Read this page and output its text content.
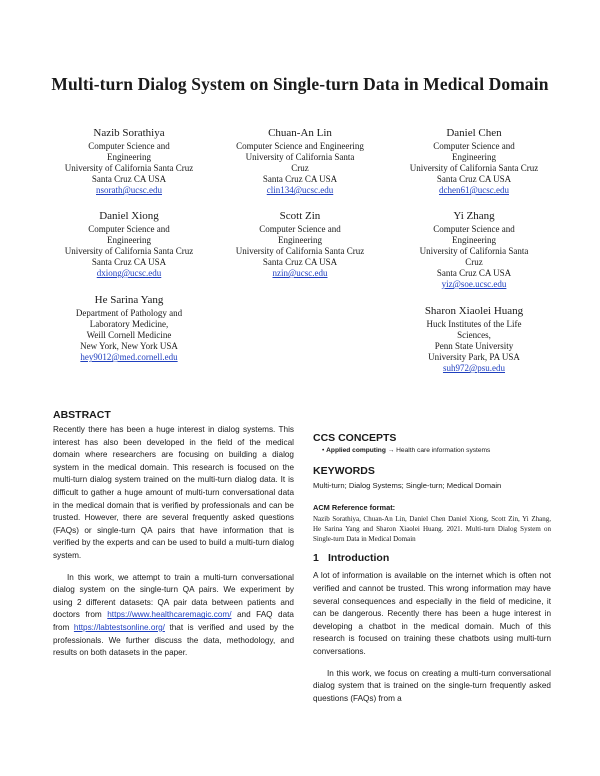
Multi-turn Dialog System on Single-turn Data in Medical Domain
Nazib Sorathiya
Computer Science and
Engineering
University of California Santa Cruz
Santa Cruz CA USA
nsorath@ucsc.edu
Chuan-An Lin
Computer Science and Engineering
University of California Santa
Cruz
Santa Cruz CA USA
clin134@ucsc.edu
Daniel Chen
Computer Science and
Engineering
University of California Santa Cruz
Santa Cruz CA USA
dchen61@ucsc.edu
Daniel Xiong
Computer Science and
Engineering
University of California Santa Cruz
Santa Cruz CA USA
dxiong@ucsc.edu
Scott Zin
Computer Science and
Engineering
University of California Santa Cruz
Santa Cruz CA USA
nzin@ucsc.edu
Yi Zhang
Computer Science and
Engineering
University of California Santa
Cruz
Santa Cruz CA USA
yiz@soe.ucsc.edu
He Sarina Yang
Department of Pathology and
Laboratory Medicine,
Weill Cornell Medicine
New York, New York USA
hey9012@med.cornell.edu
Sharon Xiaolei Huang
Huck Institutes of the Life
Sciences,
Penn State University
University Park, PA USA
suh972@psu.edu
ABSTRACT

Recently there has been a huge interest in dialog systems. This interest has also been developed in the field of the medical domain where researchers are focusing on building a dialog system in the medical domain. This research is focused on the multi-turn dialog system trained on the multi-turn dialog data. It is difficult to gather a huge amount of multi-turn conversational data in the medical domain that is verified by professionals and can be trusted. However, there are several frequently asked questions (FAQs) or single-turn QA pairs that have information that is verified by the experts and can be used to build a multi-turn dialog system.

In this work, we attempt to train a multi-turn conversational dialog system on the single-turn QA pairs. We experiment by using 2 different datasets: QA pair data between patients and doctors from https://www.healthcaremagic.com/ and FAQ data from https://labtestsonline.org/ that is verified and used by the professionals. We further discuss the data, methodology, and results on both datasets in the paper.

CCS CONCEPTS
• Applied computing → Health care information systems
KEYWORDS
Multi-turn; Dialog Systems; Single-turn; Medical Domain
ACM Reference format:
Nazib Sorathiya, Chuan-An Lin, Daniel Chen Daniel Xiong, Scott Zin, Yi Zhang, He Sarina Yang and Sharon Xiaolei Huang. 2021. Multi-turn Dialog System on Single-turn Data in Medical Domain
1 Introduction

A lot of information is available on the internet which is often not verified and cannot be trusted. This wrong information may have several consequences and especially in the field of medicine, it can be dangerous. Recently there has been a huge interest in developing a chatbot in the medical domain. Much of this research is focused on training these chatbots using multi-turn conversations.

In this work, we focus on creating a multi-turn conversational dialog system that is trained on the single-turn frequently asked questions (FAQs) from a
